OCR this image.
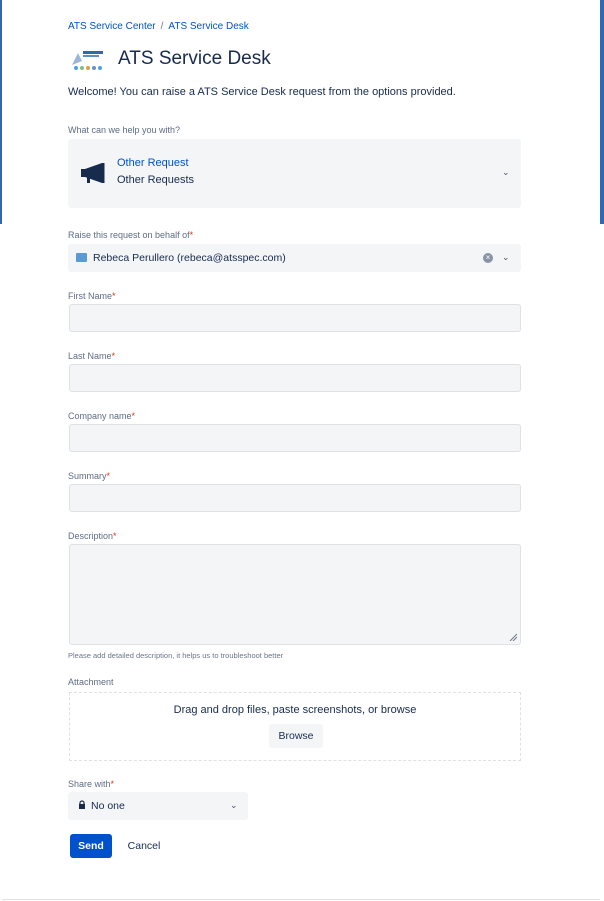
ATS Service Center / ATS Service Desk
ATS Service Desk
Welcome! You can raise a ATS Service Desk request from the options provided.
What can we help you with?
Other Request
Other Requests
⌄
Raise this request on behalf of*
Rebeca Perullero (rebeca@atsspec.com)	× ⌄
First Name*
Last Name*
Company name*
Summary*
Description*
Please add detailed description, it helps us to troubleshoot better
Attachment
Drag and drop files, paste screenshots, or browse
Browse
Share with*
No one	⌄
Send	Cancel
